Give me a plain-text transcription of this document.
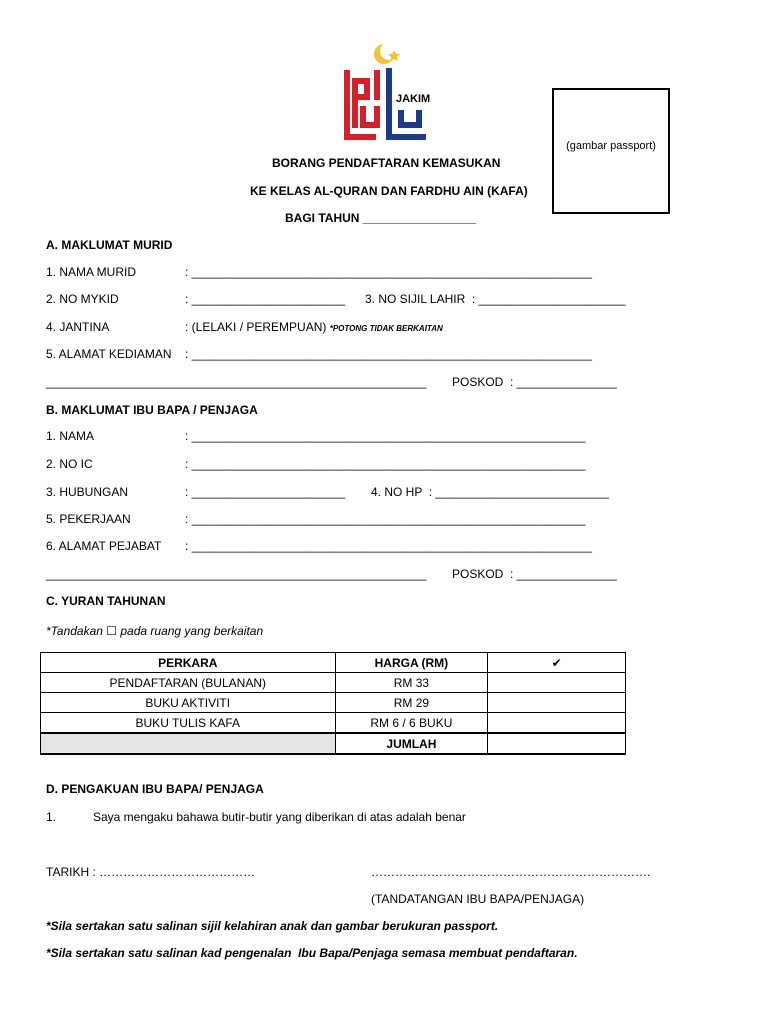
JAKIM
(gambar passport)
BORANG PENDAFTARAN KEMASUKAN
KE KELAS AL-QURAN DAN FARDHU AIN (KAFA)
BAGI TAHUN _________________
A. MAKLUMAT MURID
1. NAMA MURID	: ____________________________________________________________
2. NO MYKID	: _______________________ 3. NO SIJIL LAHIR  : ______________________
4. JANTINA	: (LELAKI / PEREMPUAN) *POTONG TIDAK BERKAITAN
5. ALAMAT KEDIAMAN : ____________________________________________________________
_________________________________________________________ POSKOD  : _______________
B. MAKLUMAT IBU BAPA / PENJAGA
1. NAMA	: ___________________________________________________________
2. NO IC	: ___________________________________________________________
3. HUBUNGAN	: _______________________ 4. NO HP  : __________________________
5. PEKERJAAN	: ___________________________________________________________
6. ALAMAT PEJABAT : ____________________________________________________________
_________________________________________________________ POSKOD  : _______________
C. YURAN TAHUNAN
*Tandakan ☐ pada ruang yang berkaitan
PERKARA	HARGA (RM)	✔
PENDAFTARAN (BULANAN)	RM 33	
BUKU AKTIVITI	RM 29	
BUKU TULIS KAFA	RM 6 / 6 BUKU	
	JUMLAH	
D. PENGAKUAN IBU BAPA/ PENJAGA
1.	Saya mengaku bahawa butir-butir yang diberikan di atas adalah benar
TARIKH : …………………………………	…………………………………………………………….
(TANDATANGAN IBU BAPA/PENJAGA)
*Sila sertakan satu salinan sijil kelahiran anak dan gambar berukuran passport.
*Sila sertakan satu salinan kad pengenalan  Ibu Bapa/Penjaga semasa membuat pendaftaran.
